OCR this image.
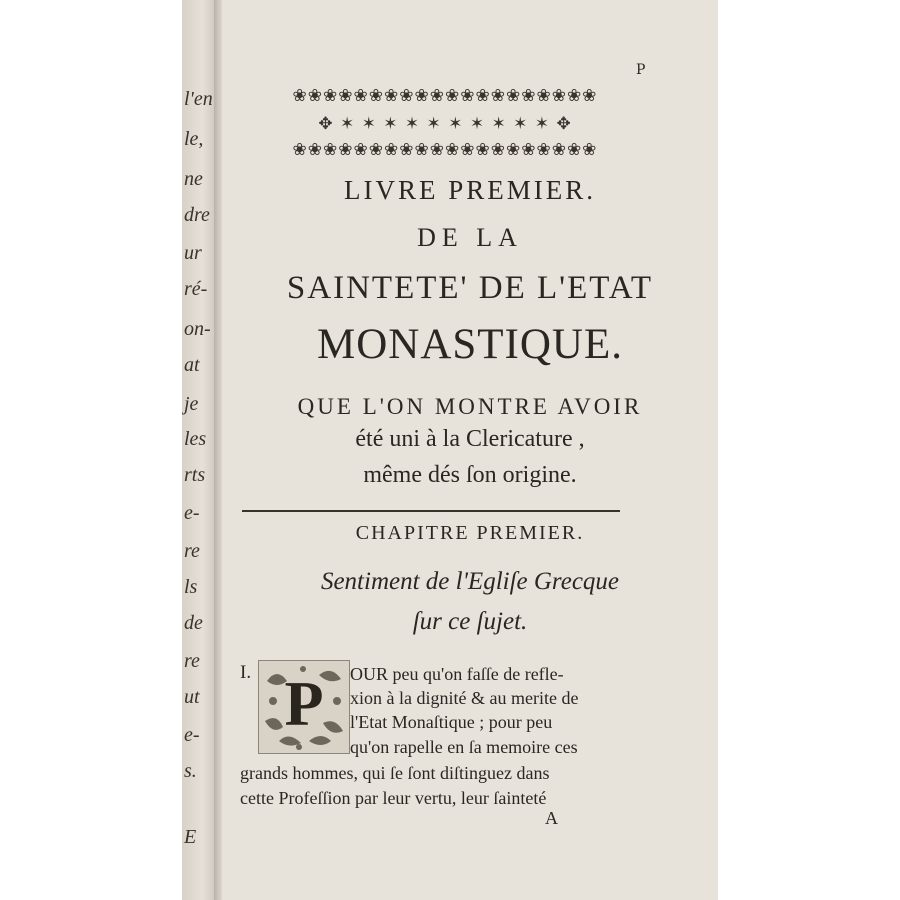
l'en
le,
ne
dre
ur
ré-
on-
at
je
les
rts
e-
re
ls
de
re
ut
e-
s.
E
P
❀❀❀❀❀❀❀❀❀❀❀❀❀❀❀❀❀❀❀❀
✥ ✶ ✶ ✶ ✶ ✶ ✶ ✶ ✶ ✶ ✶ ✥
❀❀❀❀❀❀❀❀❀❀❀❀❀❀❀❀❀❀❀❀
LIVRE PREMIER.
DE LA
SAINTETE' DE L'ETAT
MONASTIQUE.
QUE L'ON MONTRE AVOIR
été uni à la Clericature ,
même dés ſon origine.
CHAPITRE PREMIER.
Sentiment de l'Egliſe Grecque
ſur ce ſujet.
I. P	OUR peu qu'on faſſe de refle-
xion à la dignité & au merite de
l'Etat Monaſtique ; pour peu
qu'on rapelle en ſa memoire ces
grands hommes, qui ſe ſont diſtinguez dans
cette Profeſſion par leur vertu, leur ſainteté
A
